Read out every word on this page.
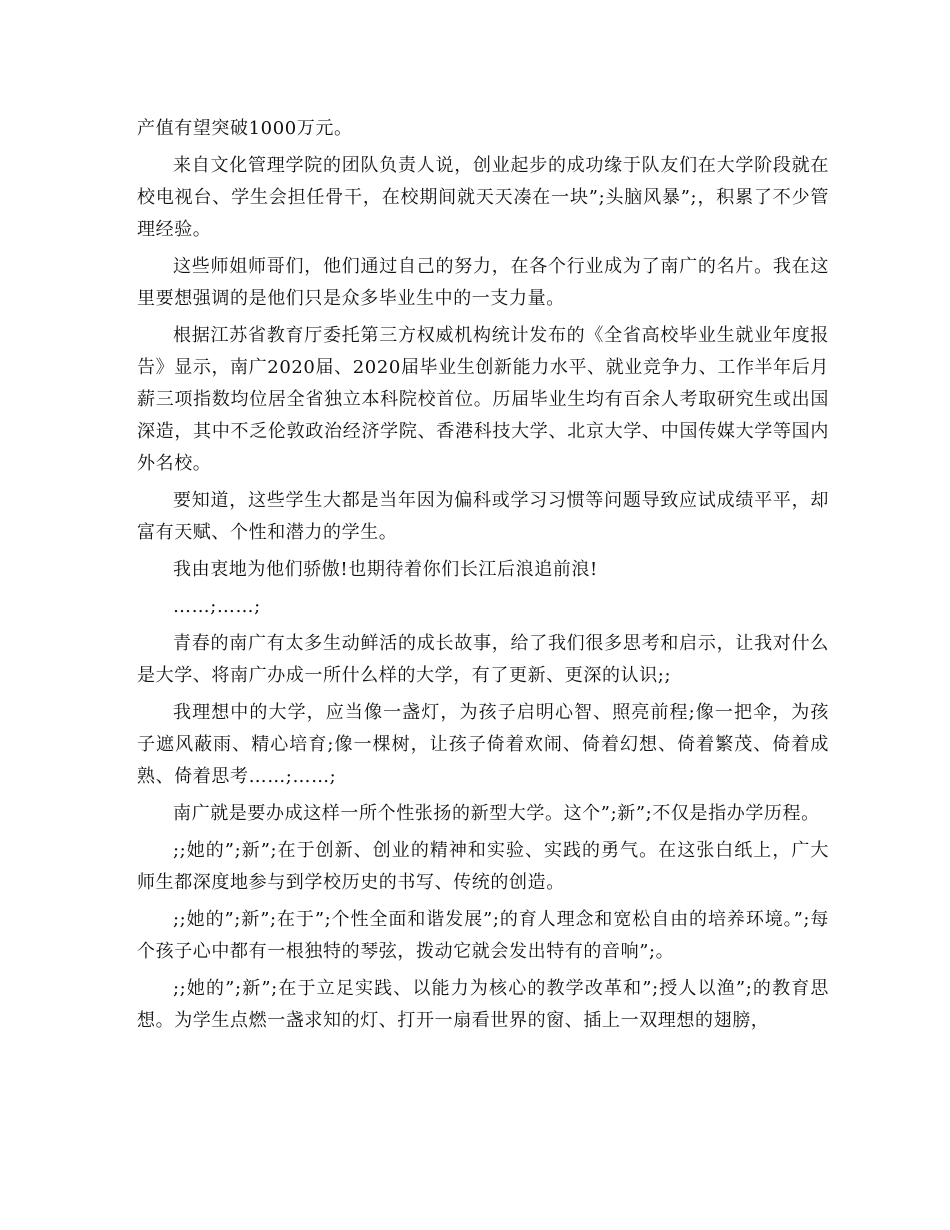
产值有望突破1000万元。

来自文化管理学院的团队负责人说，创业起步的成功缘于队友们在大学阶段就在校电视台、学生会担任骨干，在校期间就天天凑在一块”;头脑风暴”;，积累了不少管理经验。

这些师姐师哥们，他们通过自己的努力，在各个行业成为了南广的名片。我在这里要想强调的是他们只是众多毕业生中的一支力量。

根据江苏省教育厅委托第三方权威机构统计发布的《全省高校毕业生就业年度报告》显示，南广2020届、2020届毕业生创新能力水平、就业竞争力、工作半年后月薪三项指数均位居全省独立本科院校首位。历届毕业生均有百余人考取研究生或出国深造，其中不乏伦敦政治经济学院、香港科技大学、北京大学、中国传媒大学等国内外名校。

要知道，这些学生大都是当年因为偏科或学习习惯等问题导致应试成绩平平，却富有天赋、个性和潜力的学生。

我由衷地为他们骄傲!也期待着你们长江后浪追前浪!

……;……;

青春的南广有太多生动鲜活的成长故事，给了我们很多思考和启示，让我对什么是大学、将南广办成一所什么样的大学，有了更新、更深的认识;;

我理想中的大学，应当像一盏灯，为孩子启明心智、照亮前程;像一把伞，为孩子遮风蔽雨、精心培育;像一棵树，让孩子倚着欢闹、倚着幻想、倚着繁茂、倚着成熟、倚着思考……;……;

南广就是要办成这样一所个性张扬的新型大学。这个”;新”;不仅是指办学历程。

;;她的”;新”;在于创新、创业的精神和实验、实践的勇气。在这张白纸上，广大师生都深度地参与到学校历史的书写、传统的创造。

;;她的”;新”;在于”;个性全面和谐发展”;的育人理念和宽松自由的培养环境。”;每个孩子心中都有一根独特的琴弦，拨动它就会发出特有的音响”;。

;;她的”;新”;在于立足实践、以能力为核心的教学改革和”;授人以渔”;的教育思想。为学生点燃一盏求知的灯、打开一扇看世界的窗、插上一双理想的翅膀，
